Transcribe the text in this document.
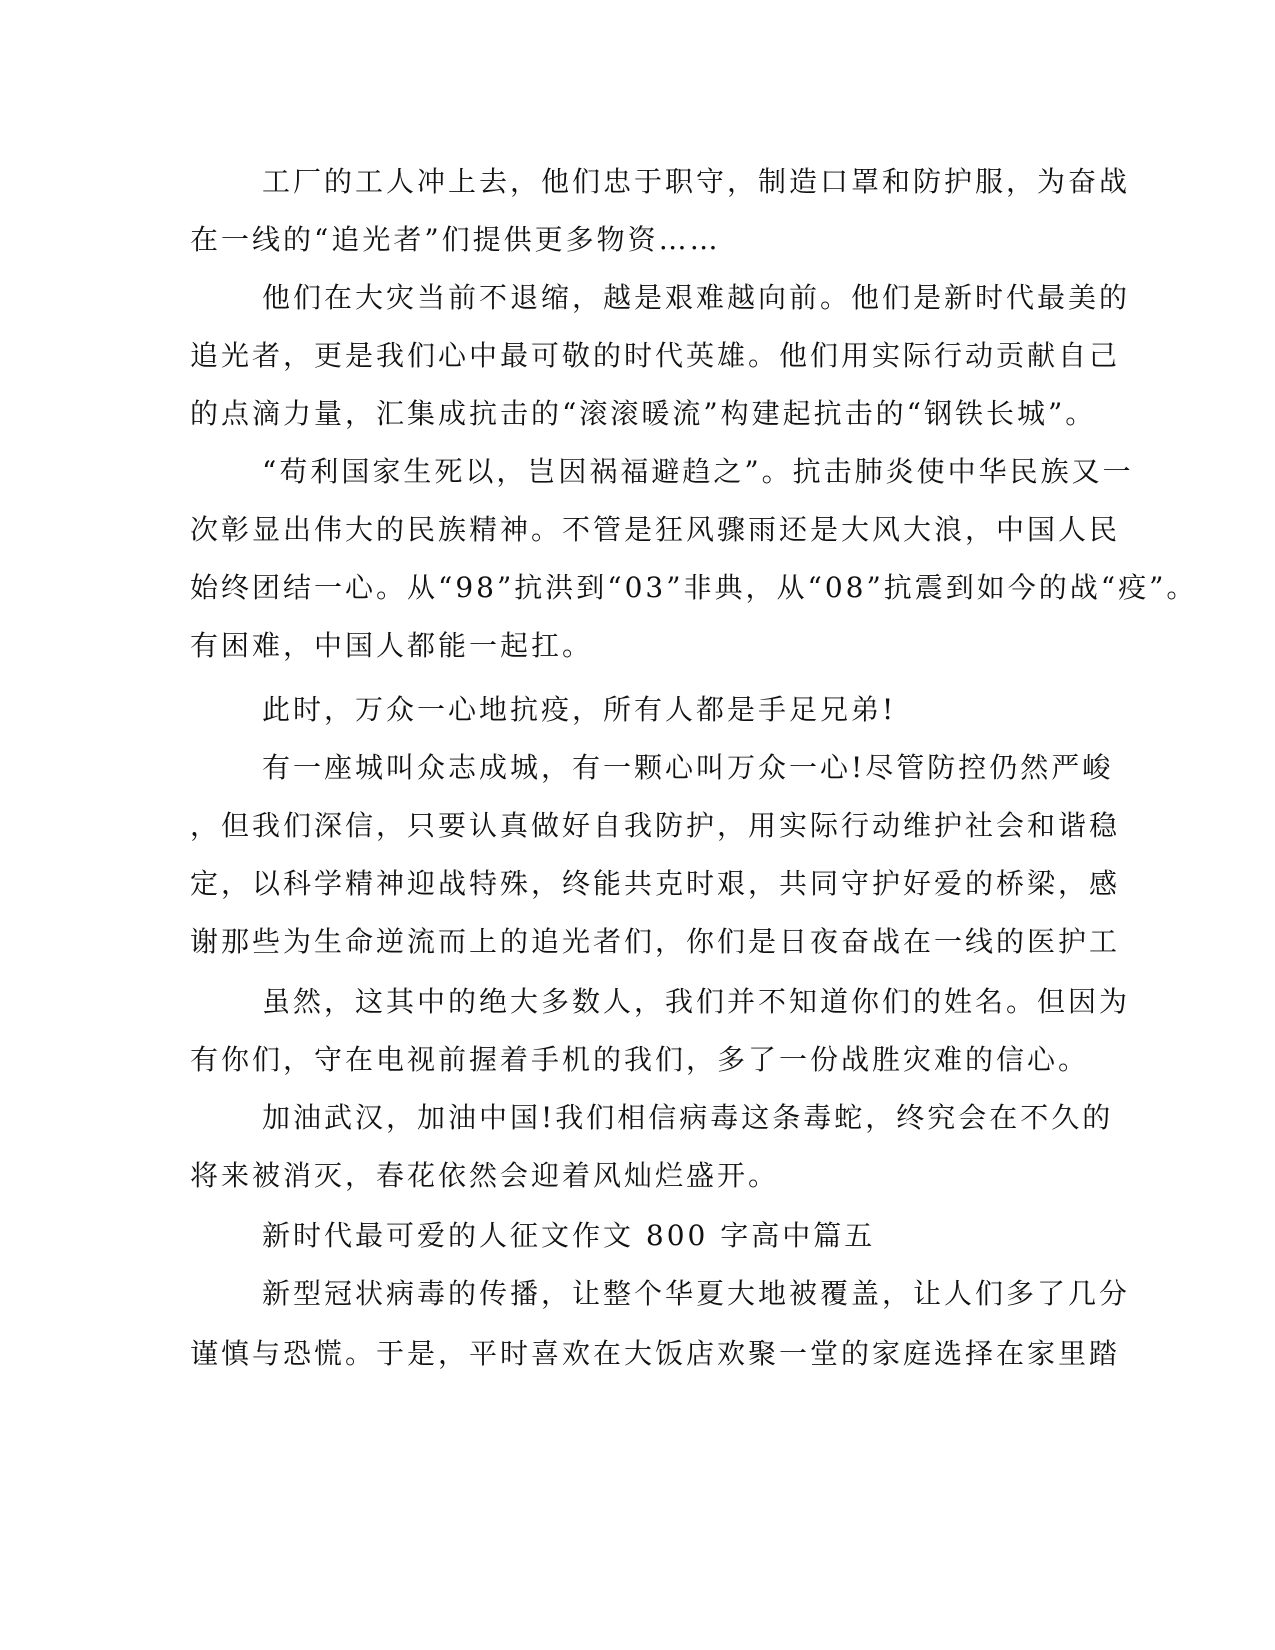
工厂的工人冲上去，他们忠于职守，制造口罩和防护服，为奋战
在一线的“追光者”们提供更多物资……
他们在大灾当前不退缩，越是艰难越向前。他们是新时代最美的
追光者，更是我们心中最可敬的时代英雄。他们用实际行动贡献自己
的点滴力量，汇集成抗击的“滚滚暖流”构建起抗击的“钢铁长城”。
“苟利国家生死以，岂因祸福避趋之”。抗击肺炎使中华民族又一
次彰显出伟大的民族精神。不管是狂风骤雨还是大风大浪，中国人民
始终团结一心。从“98”抗洪到“03”非典，从“08”抗震到如今的战“疫”。
有困难，中国人都能一起扛。
此时，万众一心地抗疫，所有人都是手足兄弟!
有一座城叫众志成城，有一颗心叫万众一心!尽管防控仍然严峻
，但我们深信，只要认真做好自我防护，用实际行动维护社会和谐稳
定，以科学精神迎战特殊，终能共克时艰，共同守护好爱的桥梁，感
谢那些为生命逆流而上的追光者们，你们是日夜奋战在一线的医护工
虽然，这其中的绝大多数人，我们并不知道你们的姓名。但因为
有你们，守在电视前握着手机的我们，多了一份战胜灾难的信心。
加油武汉，加油中国!我们相信病毒这条毒蛇，终究会在不久的
将来被消灭，春花依然会迎着风灿烂盛开。
新时代最可爱的人征文作文 800 字高中篇五
新型冠状病毒的传播，让整个华夏大地被覆盖，让人们多了几分
谨慎与恐慌。于是，平时喜欢在大饭店欢聚一堂的家庭选择在家里踏
